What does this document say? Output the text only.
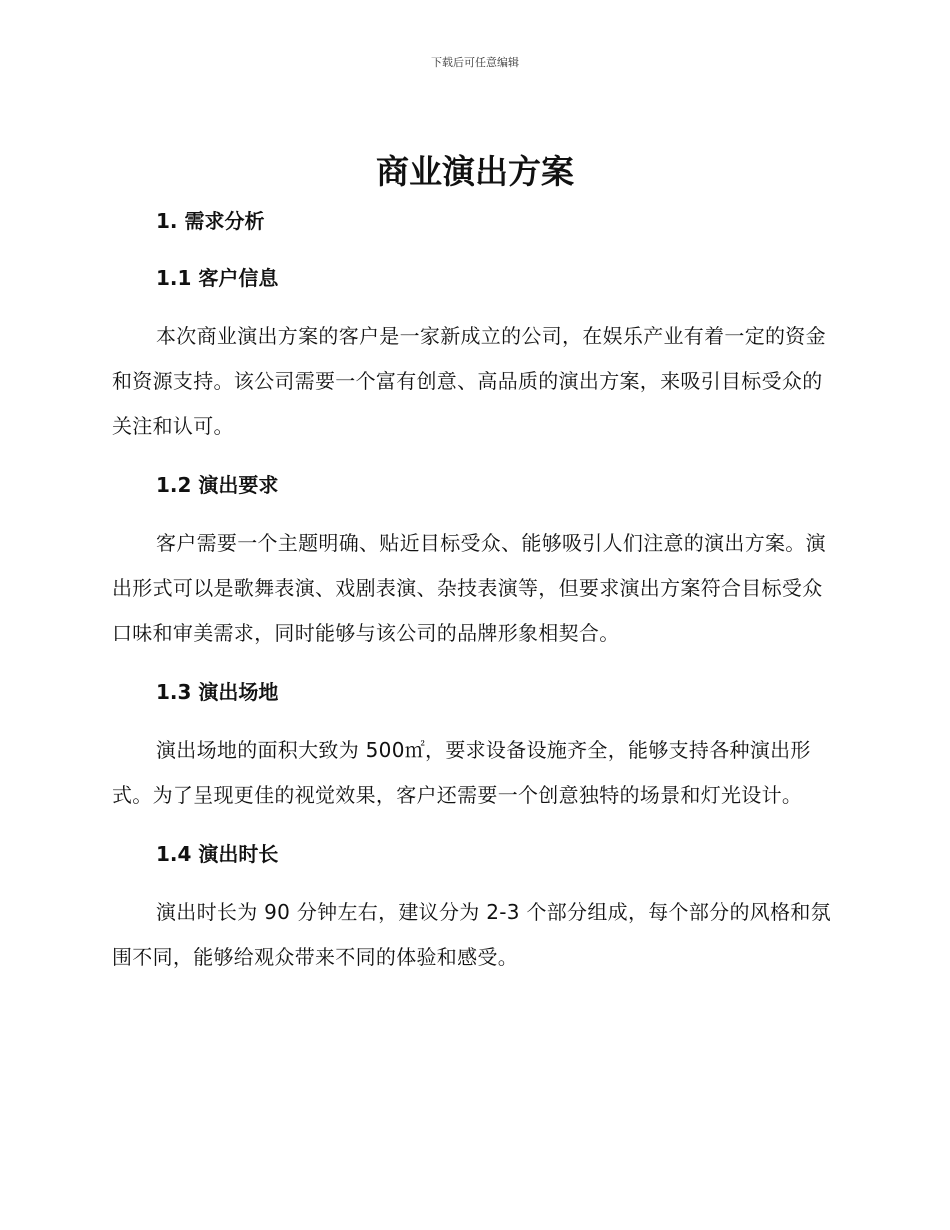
下载后可任意编辑
商业演出方案

1. 需求分析

1.1 客户信息

本次商业演出方案的客户是一家新成立的公司，在娱乐产业有着一定的资金和资源支持。该公司需要一个富有创意、高品质的演出方案，来吸引目标受众的关注和认可。

1.2 演出要求

客户需要一个主题明确、贴近目标受众、能够吸引人们注意的演出方案。演出形式可以是歌舞表演、戏剧表演、杂技表演等，但要求演出方案符合目标受众口味和审美需求，同时能够与该公司的品牌形象相契合。

1.3 演出场地

演出场地的面积大致为 500㎡，要求设备设施齐全，能够支持各种演出形式。为了呈现更佳的视觉效果，客户还需要一个创意独特的场景和灯光设计。

1.4 演出时长

演出时长为 90 分钟左右，建议分为 2-3 个部分组成，每个部分的风格和氛围不同，能够给观众带来不同的体验和感受。
